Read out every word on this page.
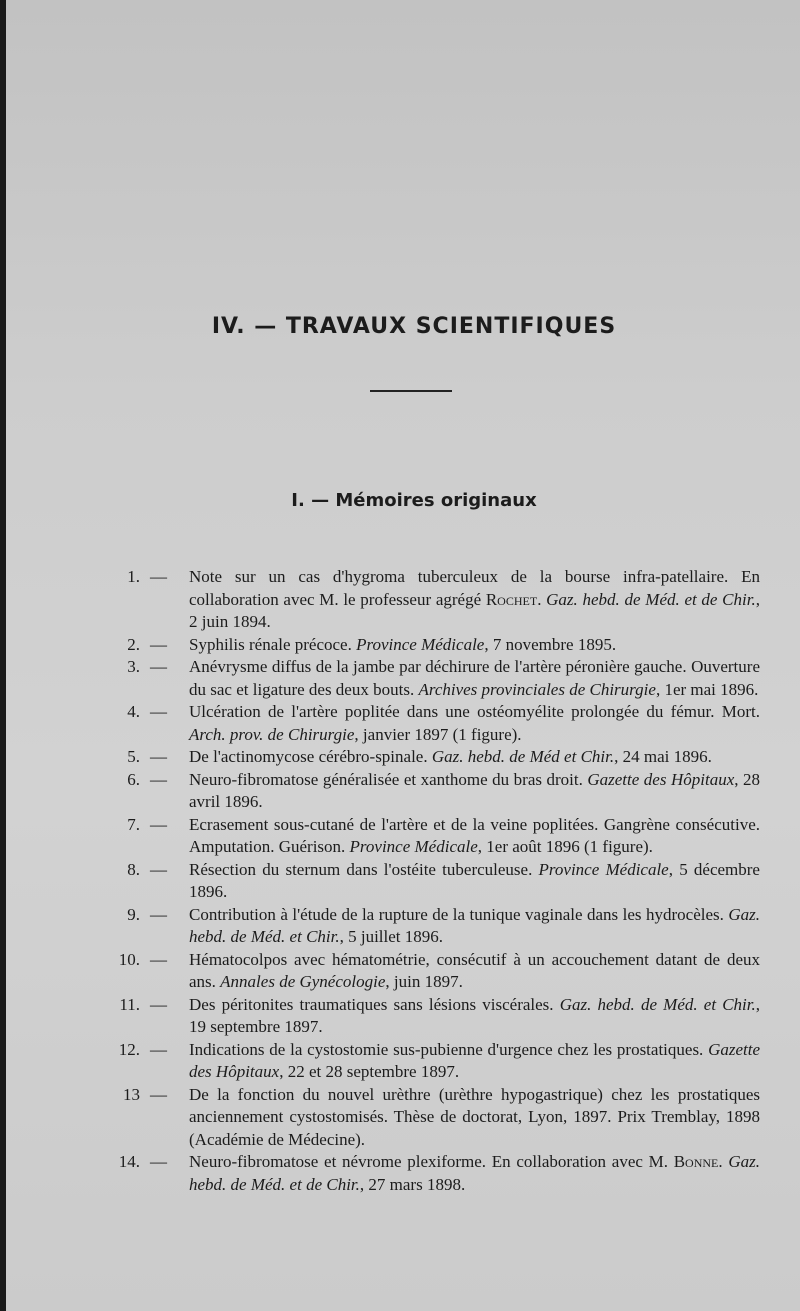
IV. — TRAVAUX SCIENTIFIQUES
I. — Mémoires originaux
1. — Note sur un cas d'hygroma tuberculeux de la bourse infra-patellaire. En collaboration avec M. le professeur agrégé Rochet. Gaz. hebd. de Méd. et de Chir., 2 juin 1894.
2. — Syphilis rénale précoce. Province Médicale, 7 novembre 1895.
3. — Anévrysme diffus de la jambe par déchirure de l'artère péronière gauche. Ouverture du sac et ligature des deux bouts. Archives provinciales de Chirurgie, 1er mai 1896.
4. — Ulcération de l'artère poplitée dans une ostéomyélite prolongée du fémur. Mort. Arch. prov. de Chirurgie, janvier 1897 (1 figure).
5. — De l'actinomycose cérébro-spinale. Gaz. hebd. de Méd et Chir., 24 mai 1896.
6. — Neuro-fibromatose généralisée et xanthome du bras droit. Gazette des Hôpitaux, 28 avril 1896.
7. — Ecrasement sous-cutané de l'artère et de la veine poplitées. Gangrène consécutive. Amputation. Guérison. Province Médicale, 1er août 1896 (1 figure).
8. — Résection du sternum dans l'ostéite tuberculeuse. Province Médicale, 5 décembre 1896.
9. — Contribution à l'étude de la rupture de la tunique vaginale dans les hydrocèles. Gaz. hebd. de Méd. et Chir., 5 juillet 1896.
10. — Hématocolpos avec hématométrie, consécutif à un accouchement datant de deux ans. Annales de Gynécologie, juin 1897.
11. — Des péritonites traumatiques sans lésions viscérales. Gaz. hebd. de Méd. et Chir., 19 septembre 1897.
12. — Indications de la cystostomie sus-pubienne d'urgence chez les prostatiques. Gazette des Hôpitaux, 22 et 28 septembre 1897.
13 — De la fonction du nouvel urèthre (urèthre hypogastrique) chez les prostatiques anciennement cystostomisés. Thèse de doctorat, Lyon, 1897. Prix Tremblay, 1898 (Académie de Médecine).
14. — Neuro-fibromatose et névrome plexiforme. En collaboration avec M. Bonne. Gaz. hebd. de Méd. et de Chir., 27 mars 1898.
